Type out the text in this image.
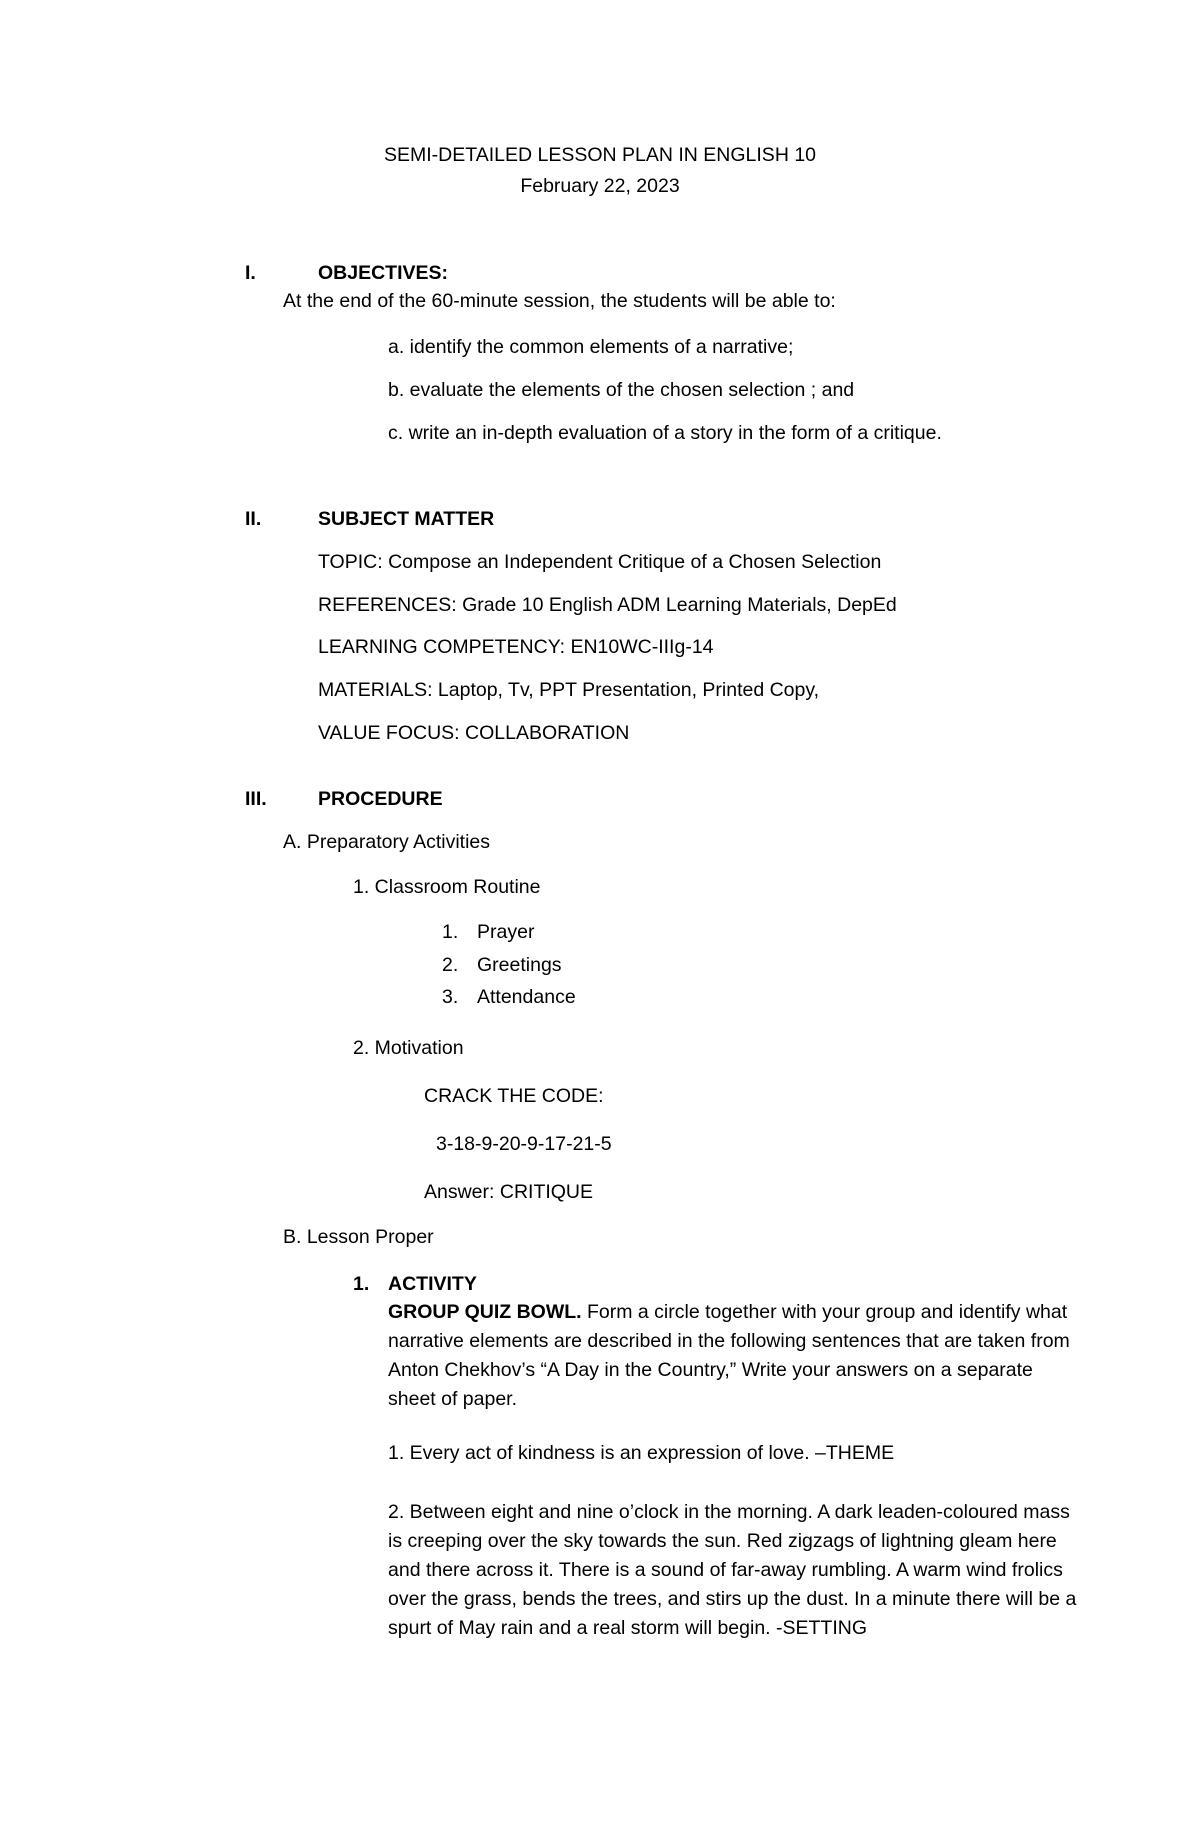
SEMI-DETAILED LESSON PLAN IN ENGLISH 10
February 22, 2023
I.	OBJECTIVES:
At the end of the 60-minute session, the students will be able to:
a. identify the common elements of a narrative;
b. evaluate the elements of the chosen selection ; and
c. write an in-depth evaluation of a story in the form of a critique.
II.	SUBJECT MATTER
TOPIC: Compose an Independent Critique of a Chosen Selection
REFERENCES: Grade 10 English ADM Learning Materials, DepEd
LEARNING COMPETENCY: EN10WC-IIIg-14
MATERIALS: Laptop, Tv, PPT Presentation, Printed Copy,
VALUE FOCUS: COLLABORATION
III.	PROCEDURE
A. Preparatory Activities
1. Classroom Routine
1. Prayer
2. Greetings
3. Attendance
2. Motivation
CRACK THE CODE:
3-18-9-20-9-17-21-5
Answer: CRITIQUE
B. Lesson Proper
1. ACTIVITY
GROUP QUIZ BOWL. Form a circle together with your group and identify what narrative elements are described in the following sentences that are taken from Anton Chekhov’s “A Day in the Country,” Write your answers on a separate sheet of paper.
1. Every act of kindness is an expression of love. –THEME
2. Between eight and nine o’clock in the morning. A dark leaden-coloured mass is creeping over the sky towards the sun. Red zigzags of lightning gleam here and there across it. There is a sound of far-away rumbling. A warm wind frolics over the grass, bends the trees, and stirs up the dust. In a minute there will be a spurt of May rain and a real storm will begin. -SETTING
